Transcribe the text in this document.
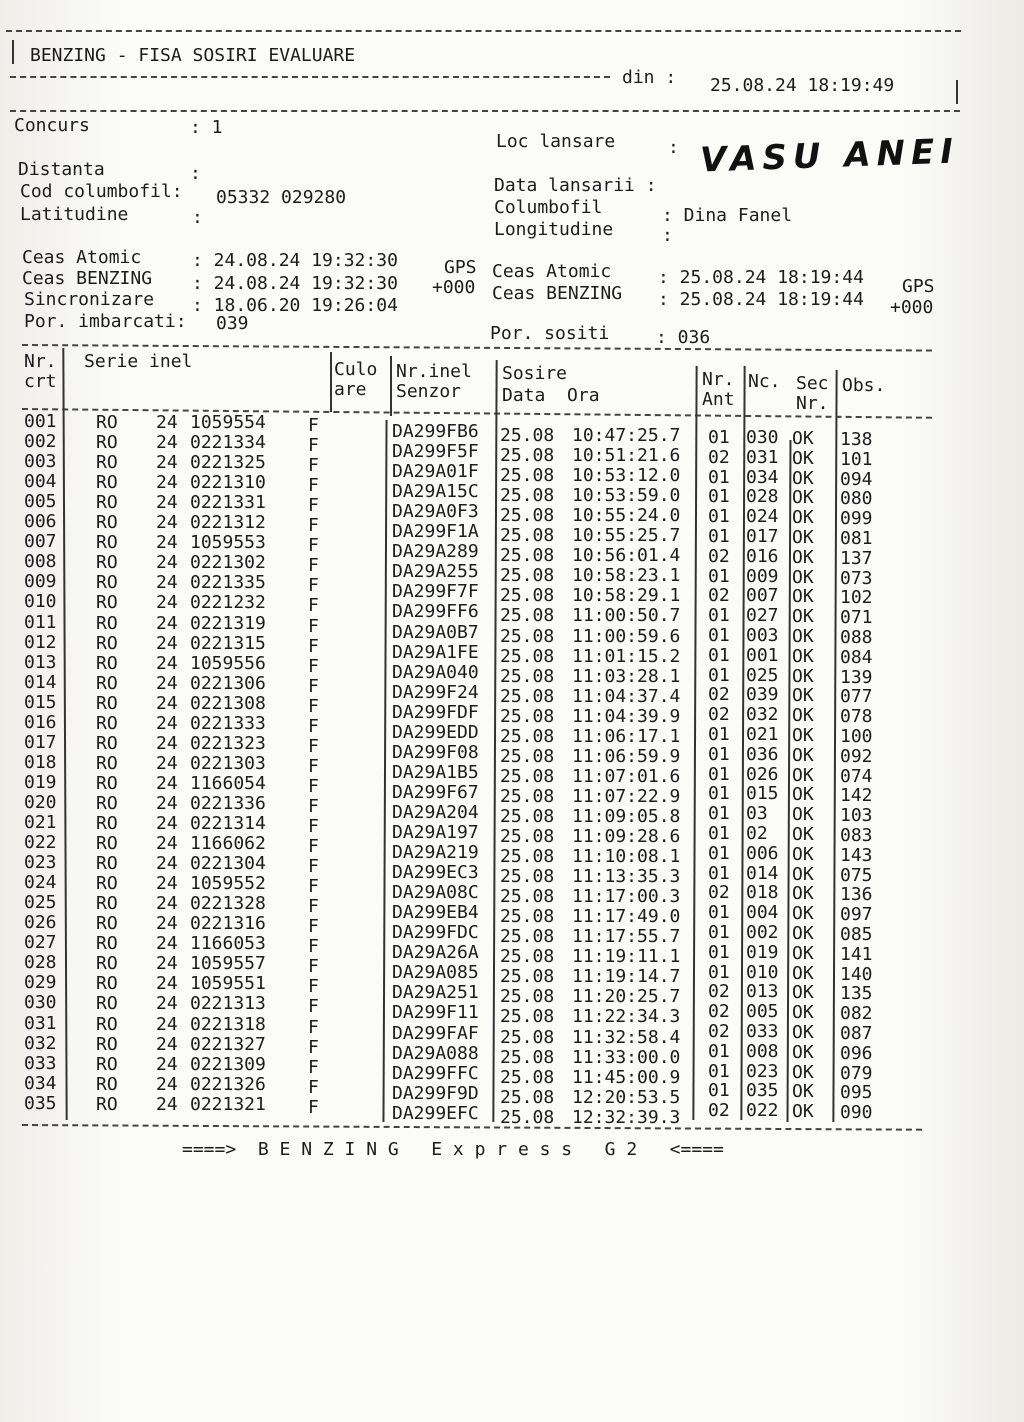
BENZING - FISA SOSIRI EVALUARE
din : 25.08.24 18:19:49
Concurs	: 1
Distanta	:
Cod columbofil: 05332 029280
Latitudine	:
Loc lansare	: VASU ANEI
Data lansarii :
Columbofil	: Dina Fanel
Longitudine	:
Ceas Atomic	: 24.08.24 19:32:30	GPS
Ceas BENZING : 24.08.24 19:32:30 +000
Sincronizare : 18.06.20 19:26:04
Por. imbarcati: 039
Ceas Atomic	: 25.08.24 18:19:44 GPS
Ceas BENZING : 25.08.24 18:19:44 +000
Por. sositi	: 036
Nr.
crt
Serie inel	Culo
are
Nr.inel
Senzor
Sosire
Data  Ora
Nr.
Ant
Nc. Sec
Nr.
Obs.
001 RO 24 1059554 F	DA299FB6 25.08 10:47:25.7 01 030 OK 138
002 RO 24 0221334 F	DA299F5F 25.08 10:51:21.6 02 031 OK 101
003 RO 24 0221325 F	DA29A01F 25.08 10:53:12.0 01 034 OK 094
004 RO 24 0221310 F	DA29A15C 25.08 10:53:59.0 01 028 OK 080
005 RO 24 0221331 F	DA29A0F3 25.08 10:55:24.0 01 024 OK 099
006 RO 24 0221312 F	DA299F1A 25.08 10:55:25.7 01 017 OK 081
007 RO 24 1059553 F	DA29A289 25.08 10:56:01.4 02 016 OK 137
008 RO 24 0221302 F	DA29A255 25.08 10:58:23.1 01 009 OK 073
009 RO 24 0221335 F	DA299F7F 25.08 10:58:29.1 02 007 OK 102
010 RO 24 0221232 F	DA299FF6 25.08 11:00:50.7 01 027 OK 071
011 RO 24 0221319 F	DA29A0B7 25.08 11:00:59.6 01 003 OK 088
012 RO 24 0221315 F	DA29A1FE 25.08 11:01:15.2 01 001 OK 084
013 RO 24 1059556 F	DA29A040 25.08 11:03:28.1 01 025 OK 139
014 RO 24 0221306 F	DA299F24 25.08 11:04:37.4 02 039 OK 077
015 RO 24 0221308 F	DA299FDF 25.08 11:04:39.9 02 032 OK 078
016 RO 24 0221333 F	DA299EDD 25.08 11:06:17.1 01 021 OK 100
017 RO 24 0221323 F	DA299F08 25.08 11:06:59.9 01 036 OK 092
018 RO 24 0221303 F	DA29A1B5 25.08 11:07:01.6 01 026 OK 074
019 RO 24 1166054 F	DA299F67 25.08 11:07:22.9 01 015 OK 142
020 RO 24 0221336 F	DA29A204 25.08 11:09:05.8 01 03 OK 103
021 RO 24 0221314 F	DA29A197 25.08 11:09:28.6 01 02 OK 083
022 RO 24 1166062 F	DA29A219 25.08 11:10:08.1 01 006 OK 143
023 RO 24 0221304 F	DA299EC3 25.08 11:13:35.3 01 014 OK 075
024 RO 24 1059552 F	DA29A08C 25.08 11:17:00.3 02 018 OK 136
025 RO 24 0221328 F	DA299EB4 25.08 11:17:49.0 01 004 OK 097
026 RO 24 0221316 F	DA299FDC 25.08 11:17:55.7 01 002 OK 085
027 RO 24 1166053 F	DA29A26A 25.08 11:19:11.1 01 019 OK 141
028 RO 24 1059557 F	DA29A085 25.08 11:19:14.7 01 010 OK 140
029 RO 24 1059551 F	DA29A251 25.08 11:20:25.7 02 013 OK 135
030 RO 24 0221313 F	DA299F11 25.08 11:22:34.3 02 005 OK 082
031 RO 24 0221318 F	DA299FAF 25.08 11:32:58.4 02 033 OK 087
032 RO 24 0221327 F	DA29A088 25.08 11:33:00.0 01 008 OK 096
033 RO 24 0221309 F	DA299FFC 25.08 11:45:00.9 01 023 OK 079
034 RO 24 0221326 F	DA299F9D 25.08 12:20:53.5 01 035 OK 095
035 RO 24 0221321 F	DA299EFC 25.08 12:32:39.3 02 022 OK 090
====>  B E N Z I N G   E x p r e s s   G 2   <====
